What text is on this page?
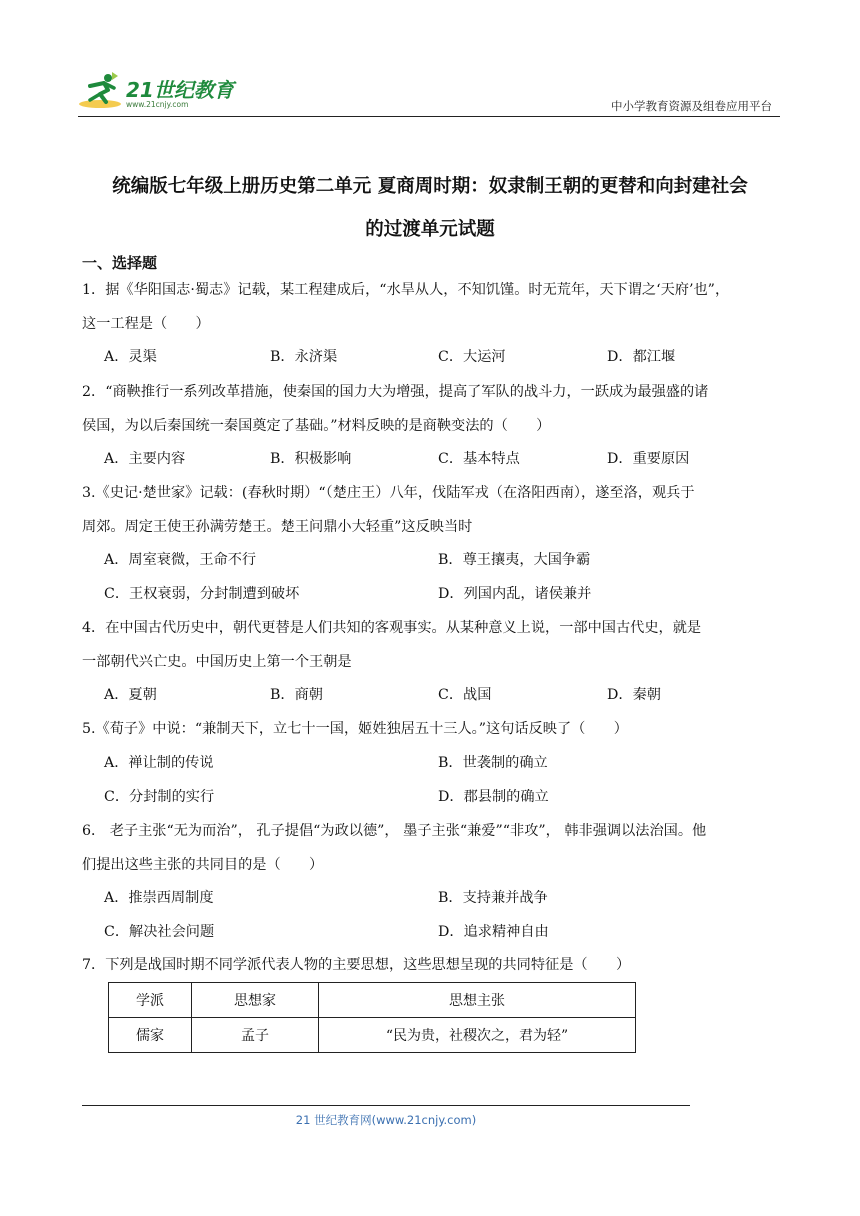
21世纪教育
www.21cnjy.com	中小学教育资源及组卷应用平台
统编版七年级上册历史第二单元 夏商周时期：奴隶制王朝的更替和向封建社会
的过渡单元试题
一、选择题
1．据《华阳国志·蜀志》记载，某工程建成后，“水旱从人，不知饥馑。时无荒年，天下谓之‘天府’也”，
这一工程是（　　）
A．灵渠	B．永济渠	C．大运河	D．都江堰
2．“商鞅推行一系列改革措施，使秦国的国力大为增强，提高了军队的战斗力，一跃成为最强盛的诸
侯国，为以后秦国统一秦国奠定了基础。”材料反映的是商鞅变法的（　　）
A．主要内容	B．积极影响	C．基本特点	D．重要原因
3.《史记·楚世家》记载：(春秋时期）“（楚庄王）八年，伐陆军戎（在洛阳西南），遂至洛，观兵于
周郊。周定王使王孙满劳楚王。楚王问鼎小大轻重”这反映当时
A．周室衰微，王命不行	B．尊王攘夷，大国争霸
C．王权衰弱，分封制遭到破坏	D．列国内乱，诸侯兼并
4．在中国古代历史中，朝代更替是人们共知的客观事实。从某种意义上说，一部中国古代史，就是
一部朝代兴亡史。中国历史上第一个王朝是
A．夏朝	B．商朝	C．战国	D．秦朝
5.《荀子》中说：“兼制天下，立七十一国，姬姓独居五十三人。”这句话反映了（　　）
A．禅让制的传说	B．世袭制的确立
C．分封制的实行	D．郡县制的确立
6． 老子主张“无为而治”， 孔子提倡“为政以德”， 墨子主张“兼爱”“非攻”， 韩非强调以法治国。他
们提出这些主张的共同目的是（　　）
A．推崇西周制度	B．支持兼并战争
C．解决社会问题	D．追求精神自由
7．下列是战国时期不同学派代表人物的主要思想，这些思想呈现的共同特征是（　　）
学派	思想家	思想主张
儒家	孟子	“民为贵，社稷次之，君为轻”
21 世纪教育网(www.21cnjy.com)
